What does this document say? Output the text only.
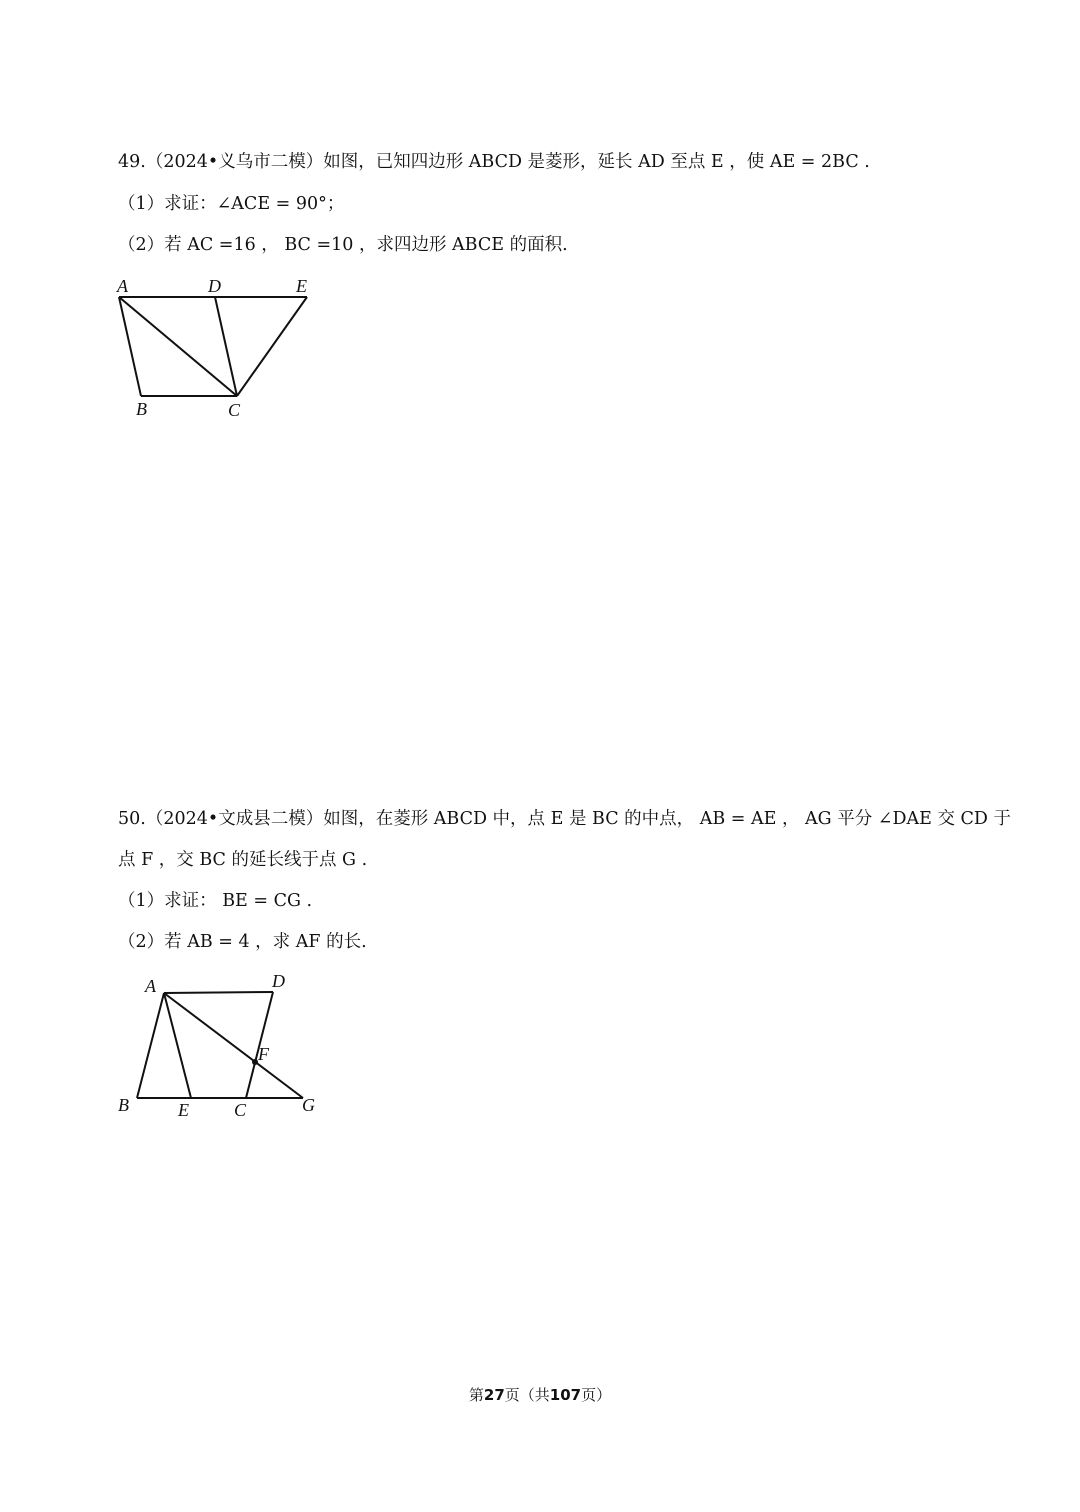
49.（2024•义乌市二模）如图，已知四边形 ABCD 是菱形，延长 AD 至点 E ，使 AE = 2BC .

（1）求证：∠ACE = 90°；

（2）若 AC =16 ， BC =10 ，求四边形 ABCE 的面积.

A	D	E
B	C

50.（2024•文成县二模）如图，在菱形 ABCD 中，点 E 是 BC 的中点， AB = AE ， AG 平分 ∠DAE 交 CD 于

点 F ，交 BC 的延长线于点 G .

（1）求证： BE = CG .

（2）若 AB = 4 ，求 AF 的长.

A	D
F
B	E	C	G
第27页（共107页）
